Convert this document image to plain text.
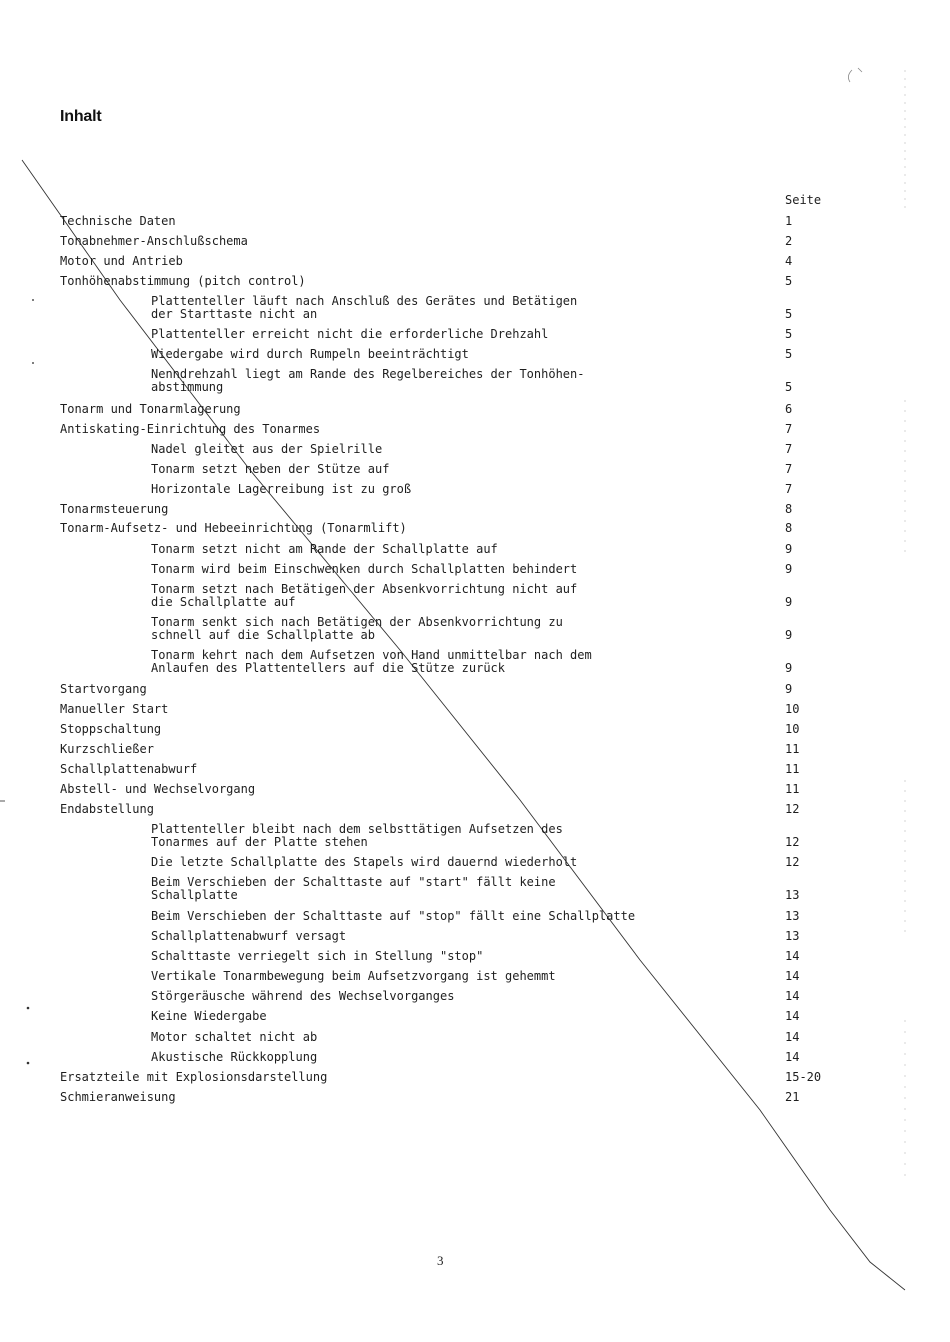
Inhalt
Seite
Technische Daten	1
Tonabnehmer-Anschlußschema	2
Motor und Antrieb	4
Tonhöhenabstimmung (pitch control)	5
Plattenteller läuft nach Anschluß des Gerätes und Betätigen
der Starttaste nicht an	5
Plattenteller erreicht nicht die erforderliche Drehzahl	5
Wiedergabe wird durch Rumpeln beeinträchtigt	5
Nenndrehzahl liegt am Rande des Regelbereiches der Tonhöhen-
abstimmung	5
Tonarm und Tonarmlagerung	6
Antiskating-Einrichtung des Tonarmes	7
Nadel gleitet aus der Spielrille	7
Tonarm setzt neben der Stütze auf	7
Horizontale Lagerreibung ist zu groß	7
Tonarmsteuerung	8
Tonarm-Aufsetz- und Hebeeinrichtung (Tonarmlift)	8
Tonarm setzt nicht am Rande der Schallplatte auf	9
Tonarm wird beim Einschwenken durch Schallplatten behindert	9
Tonarm setzt nach Betätigen der Absenkvorrichtung nicht auf
die Schallplatte auf	9
Tonarm senkt sich nach Betätigen der Absenkvorrichtung zu
schnell auf die Schallplatte ab	9
Tonarm kehrt nach dem Aufsetzen von Hand unmittelbar nach dem
Anlaufen des Plattentellers auf die Stütze zurück	9
Startvorgang	9
Manueller Start	10
Stoppschaltung	10
Kurzschließer	11
Schallplattenabwurf	11
Abstell- und Wechselvorgang	11
Endabstellung	12
Plattenteller bleibt nach dem selbsttätigen Aufsetzen des
Tonarmes auf der Platte stehen	12
Die letzte Schallplatte des Stapels wird dauernd wiederholt	12
Beim Verschieben der Schalttaste auf "start" fällt keine
Schallplatte	13
Beim Verschieben der Schalttaste auf "stop" fällt eine Schallplatte	13
Schallplattenabwurf versagt	13
Schalttaste verriegelt sich in Stellung "stop"	14
Vertikale Tonarmbewegung beim Aufsetzvorgang ist gehemmt	14
Störgeräusche während des Wechselvorganges	14
Keine Wiedergabe	14
Motor schaltet nicht ab	14
Akustische Rückkopplung	14
Ersatzteile mit Explosionsdarstellung	15-20
Schmieranweisung	21
3
